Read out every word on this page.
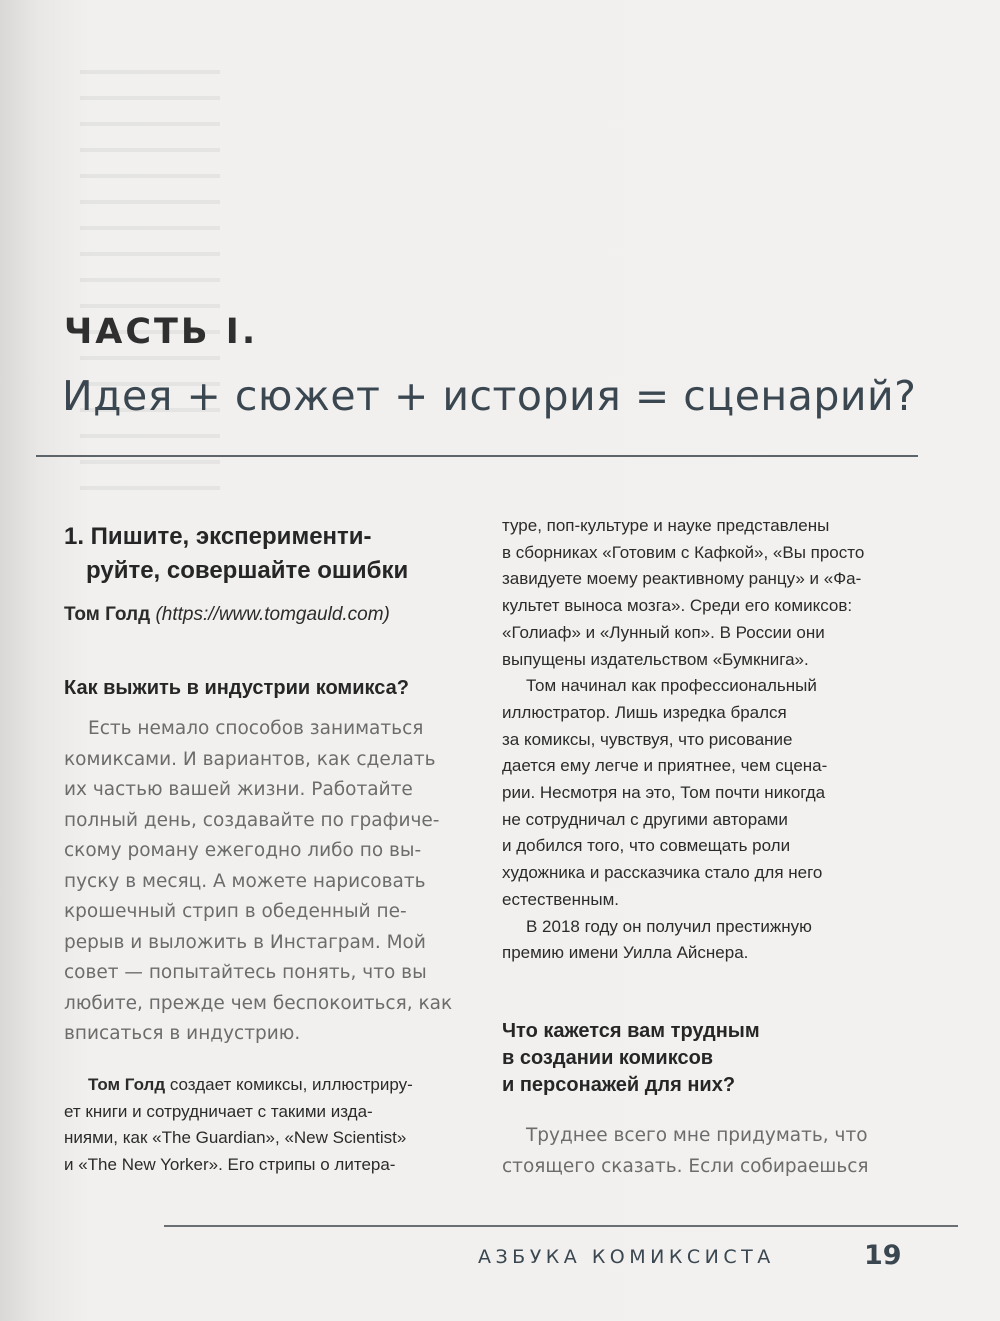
ЧАСТЬ I.
Идея + сюжет + история = сценарий?
1. Пишите, эксперименти-
руйте, совершайте ошибки
Том Голд (https://www.tomgauld.com)
Как выжить в индустрии комикса?
Есть немало способов заниматься
комиксами. И вариантов, как сделать
их частью вашей жизни. Работайте
полный день, создавайте по графиче-
скому роману ежегодно либо по вы-
пуску в месяц. А можете нарисовать
крошечный стрип в обеденный пе-
рерыв и выложить в Инстаграм. Мой
совет — попытайтесь понять, что вы
любите, прежде чем беспокоиться, как
вписаться в индустрию.
Том Голд создает комиксы, иллюстриру-
ет книги и сотрудничает с такими изда-
ниями, как «The Guardian», «New Scientist»
и «The New Yorker». Его стрипы о литера-
туре, поп-культуре и науке представлены
в сборниках «Готовим с Кафкой», «Вы просто
завидуете моему реактивному ранцу» и «Фа-
культет выноса мозга». Среди его комиксов:
«Голиаф» и «Лунный коп». В России они
выпущены издательством «Бумкнига».
Том начинал как профессиональный
иллюстратор. Лишь изредка брался
за комиксы, чувствуя, что рисование
дается ему легче и приятнее, чем сцена-
рии. Несмотря на это, Том почти никогда
не сотрудничал с другими авторами
и добился того, что совмещать роли
художника и рассказчика стало для него
естественным.
В 2018 году он получил престижную
премию имени Уилла Айснера.
Что кажется вам трудным
в создании комиксов
и персонажей для них?
Труднее всего мне придумать, что
стоящего сказать. Если собираешься
АЗБУКА КОМИКСИСТА	19
